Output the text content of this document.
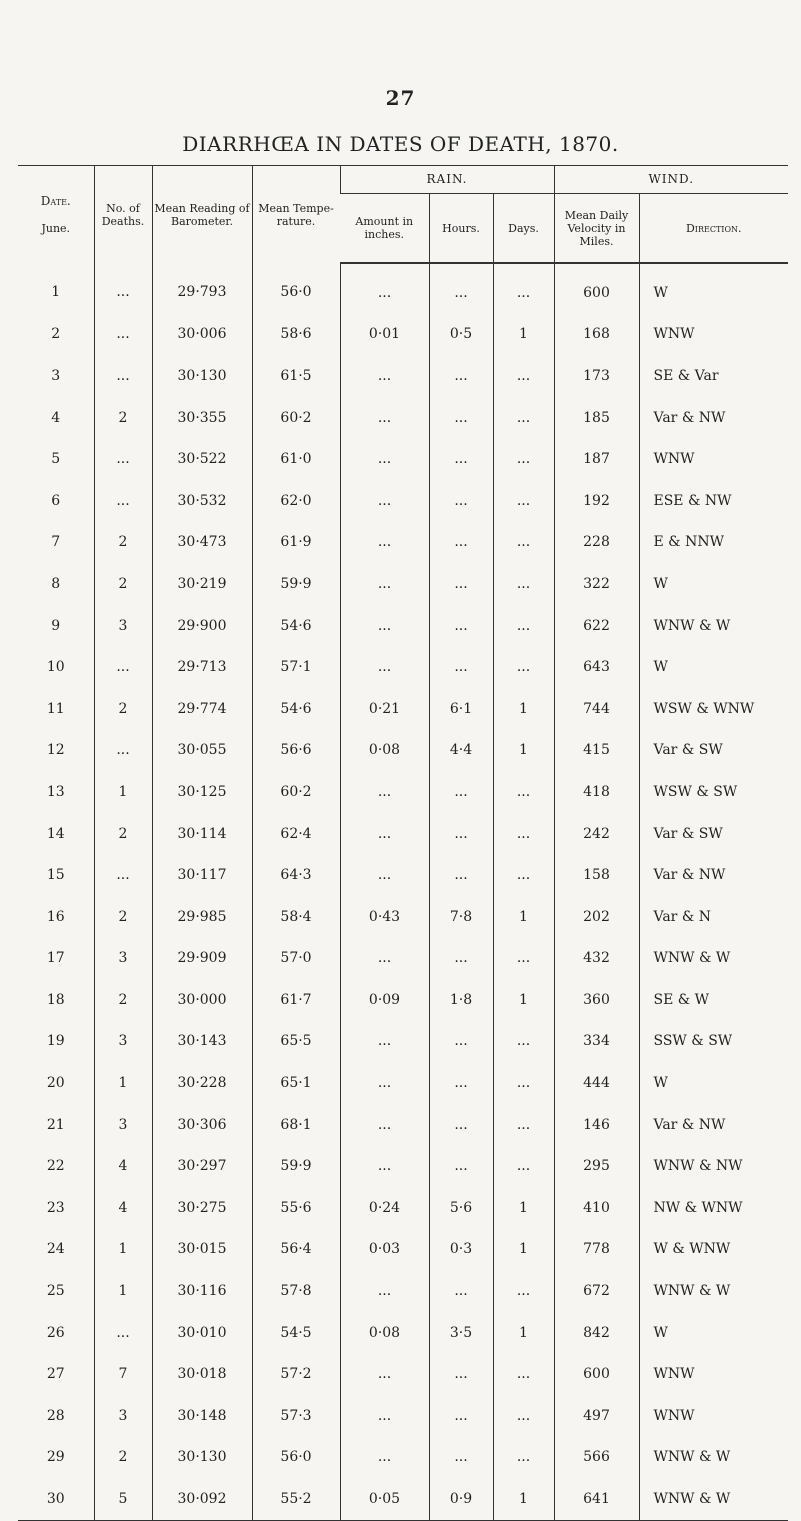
27
DIARRHŒA IN DATES OF DEATH, 1870.
Date.
June.	No. of Deaths.	Mean Reading of Barometer.	Mean Tempe-rature.	RAIN.			WIND.	
				Amount in inches.	Hours.	Days.	Mean Daily Velocity in Miles.	Direction.
1	...	29·793	56·0	...	...	...	600	W
2	...	30·006	58·6	0·01	0·5	1	168	WNW
3	...	30·130	61·5	...	...	...	173	SE & Var
4	2	30·355	60·2	...	...	...	185	Var & NW
5	...	30·522	61·0	...	...	...	187	WNW
6	...	30·532	62·0	...	...	...	192	ESE & NW
7	2	30·473	61·9	...	...	...	228	E & NNW
8	2	30·219	59·9	...	...	...	322	W
9	3	29·900	54·6	...	...	...	622	WNW & W
10	...	29·713	57·1	...	...	...	643	W
11	2	29·774	54·6	0·21	6·1	1	744	WSW & WNW
12	...	30·055	56·6	0·08	4·4	1	415	Var & SW
13	1	30·125	60·2	...	...	...	418	WSW & SW
14	2	30·114	62·4	...	...	...	242	Var & SW
15	...	30·117	64·3	...	...	...	158	Var & NW
16	2	29·985	58·4	0·43	7·8	1	202	Var & N
17	3	29·909	57·0	...	...	...	432	WNW & W
18	2	30·000	61·7	0·09	1·8	1	360	SE & W
19	3	30·143	65·5	...	...	...	334	SSW & SW
20	1	30·228	65·1	...	...	...	444	W
21	3	30·306	68·1	...	...	...	146	Var & NW
22	4	30·297	59·9	...	...	...	295	WNW & NW
23	4	30·275	55·6	0·24	5·6	1	410	NW & WNW
24	1	30·015	56·4	0·03	0·3	1	778	W & WNW
25	1	30·116	57·8	...	...	...	672	WNW & W
26	...	30·010	54·5	0·08	3·5	1	842	W
27	7	30·018	57·2	...	...	...	600	WNW
28	3	30·148	57·3	...	...	...	497	WNW
29	2	30·130	56·0	...	...	...	566	WNW & W
30	5	30·092	55·2	0·05	0·9	1	641	WNW & W
